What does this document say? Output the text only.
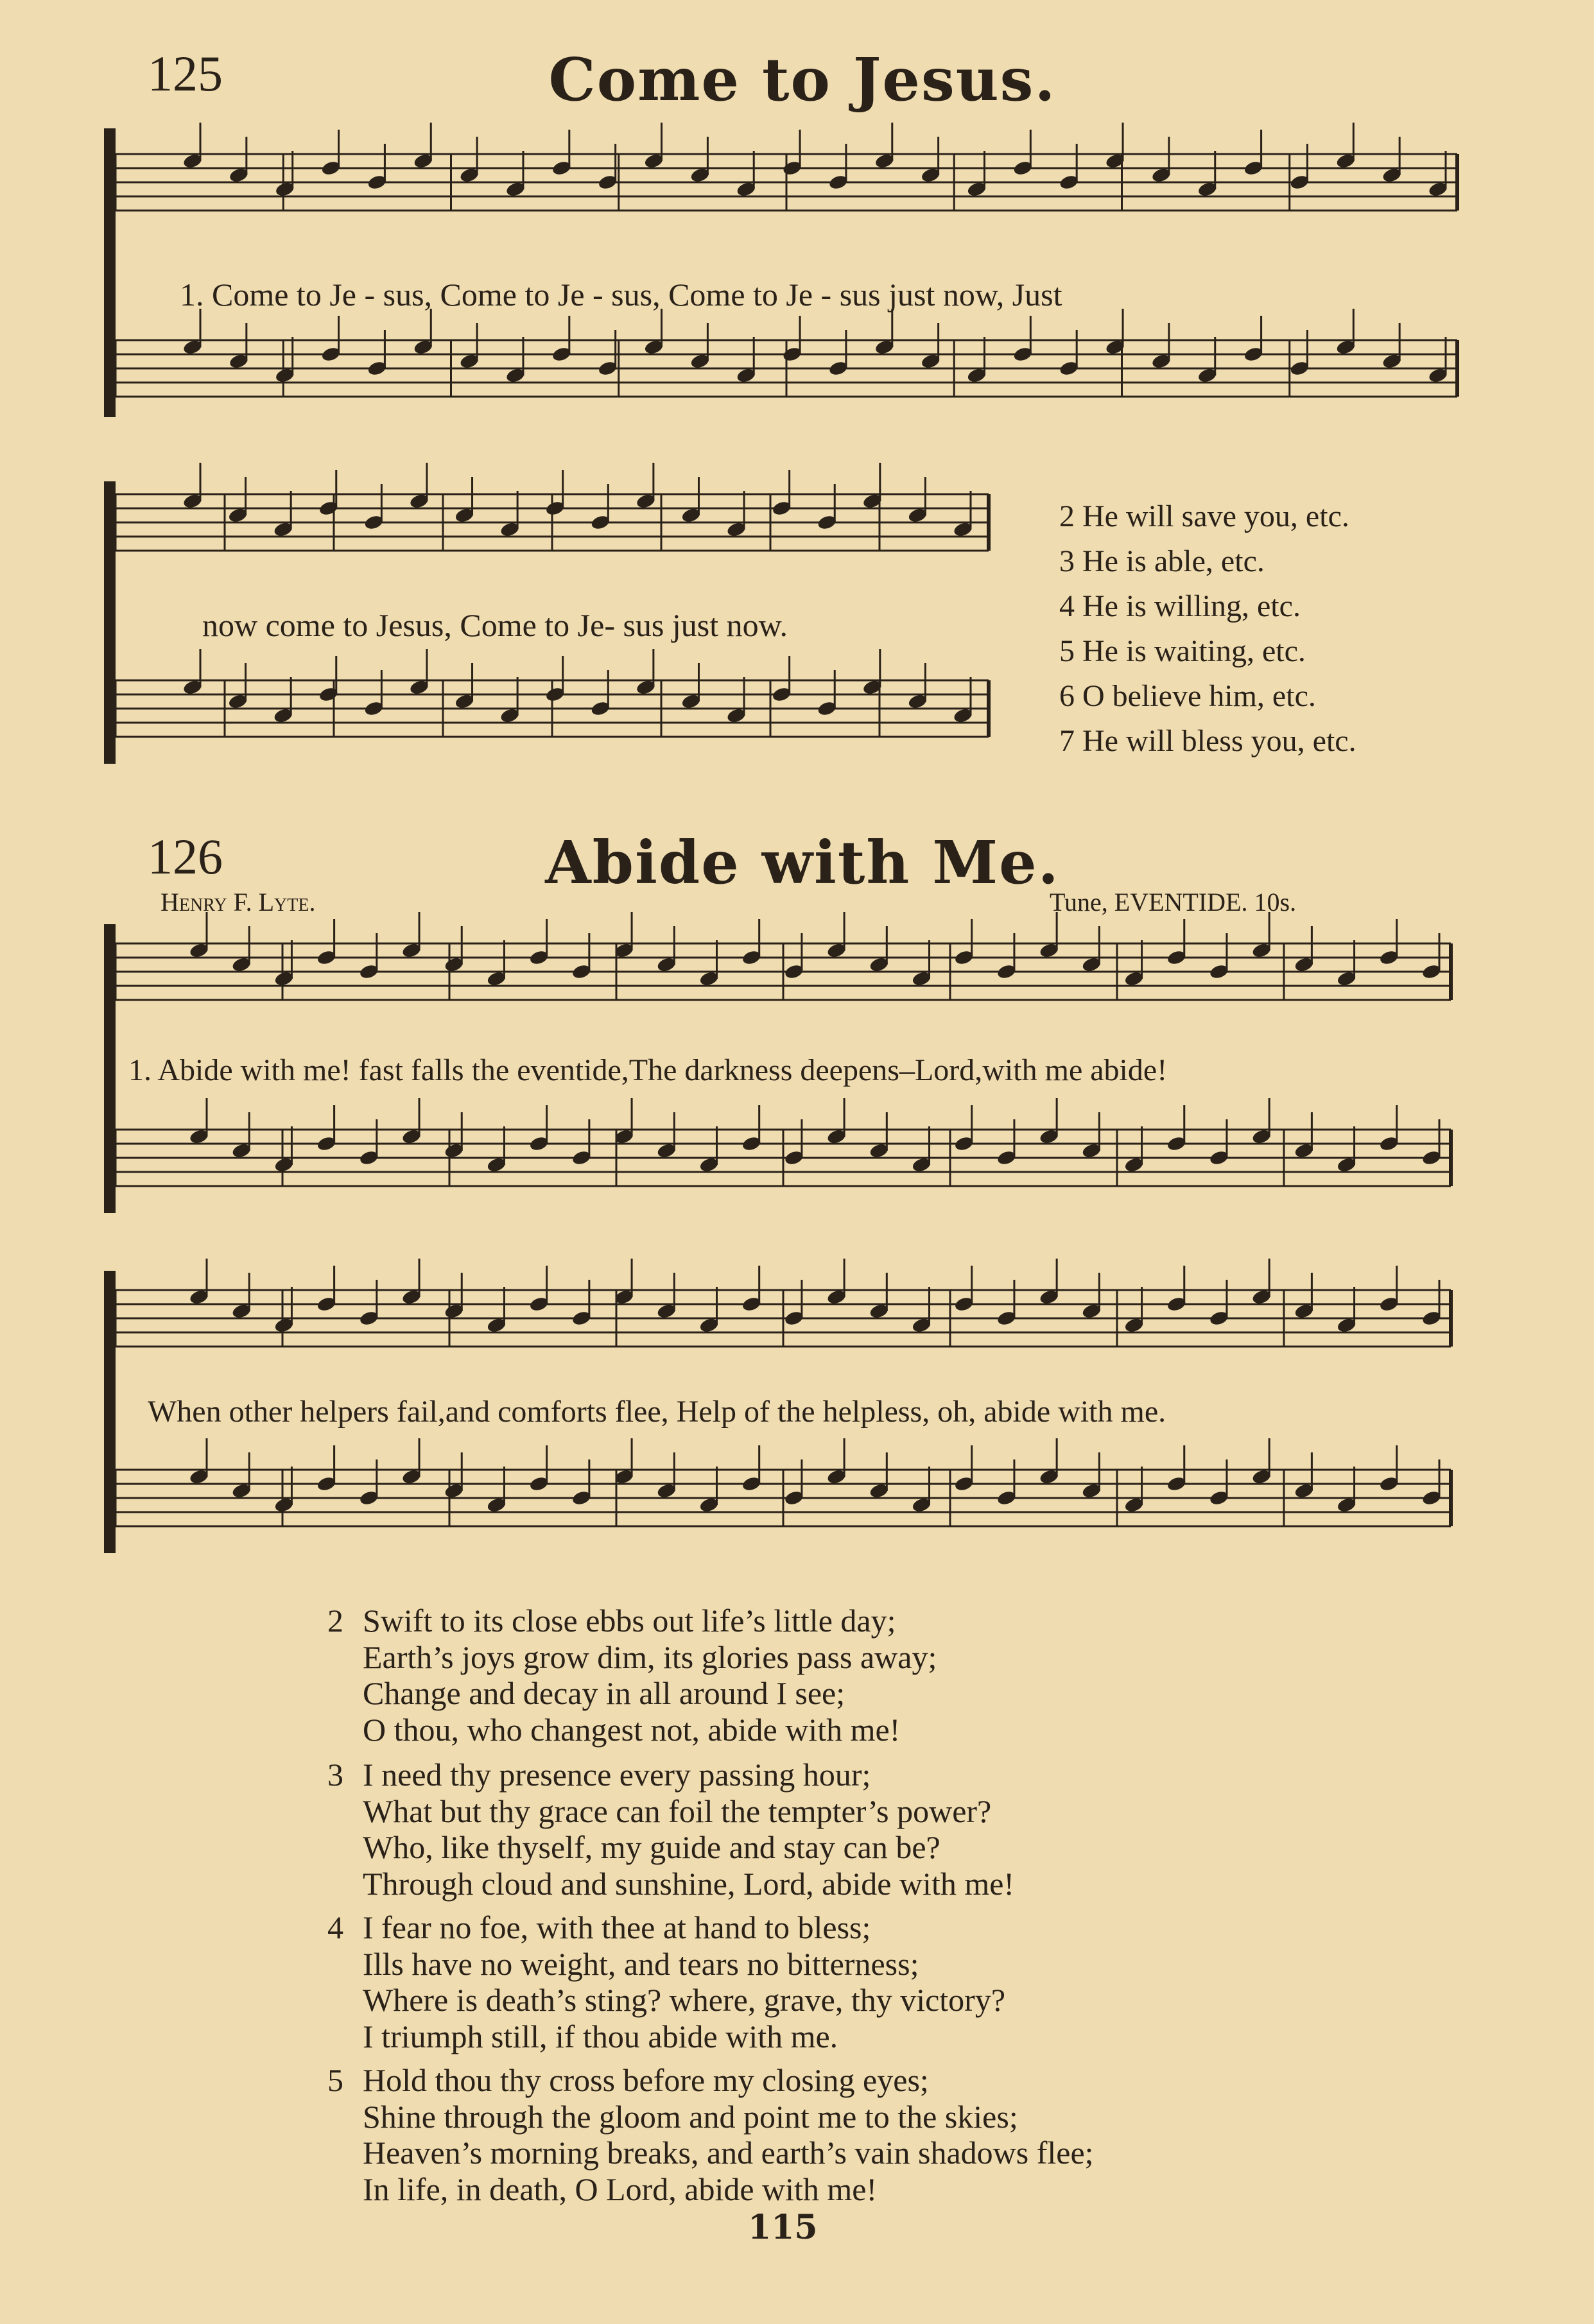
125	Come to Jesus.
1. Come to Je - sus, Come to Je - sus, Come to Je - sus just now, Just
now come to Jesus, Come to Je- sus just now.
2 He will save you, etc.
3 He is able, etc.
4 He is willing, etc.
5 He is waiting, etc.
6 O believe him, etc.
7 He will bless you, etc.
126	Abide with Me.
Henry F. Lyte.	Tune, EVENTIDE. 10s.
1. Abide with me! fast falls the eventide,The darkness deepens–Lord,with me abide!
When other helpers fail,and comforts flee, Help of the helpless, oh, abide with me.
2 Swift to its close ebbs out life’s little day;
Earth’s joys grow dim, its glories pass away;
Change and decay in all around I see;
O thou, who changest not, abide with me!
3 I need thy presence every passing hour;
What but thy grace can foil the tempter’s power?
Who, like thyself, my guide and stay can be?
Through cloud and sunshine, Lord, abide with me!
4 I fear no foe, with thee at hand to bless;
Ills have no weight, and tears no bitterness;
Where is death’s sting? where, grave, thy victory?
I triumph still, if thou abide with me.
5 Hold thou thy cross before my closing eyes;
Shine through the gloom and point me to the skies;
Heaven’s morning breaks, and earth’s vain shadows flee;
In life, in death, O Lord, abide with me!
115
